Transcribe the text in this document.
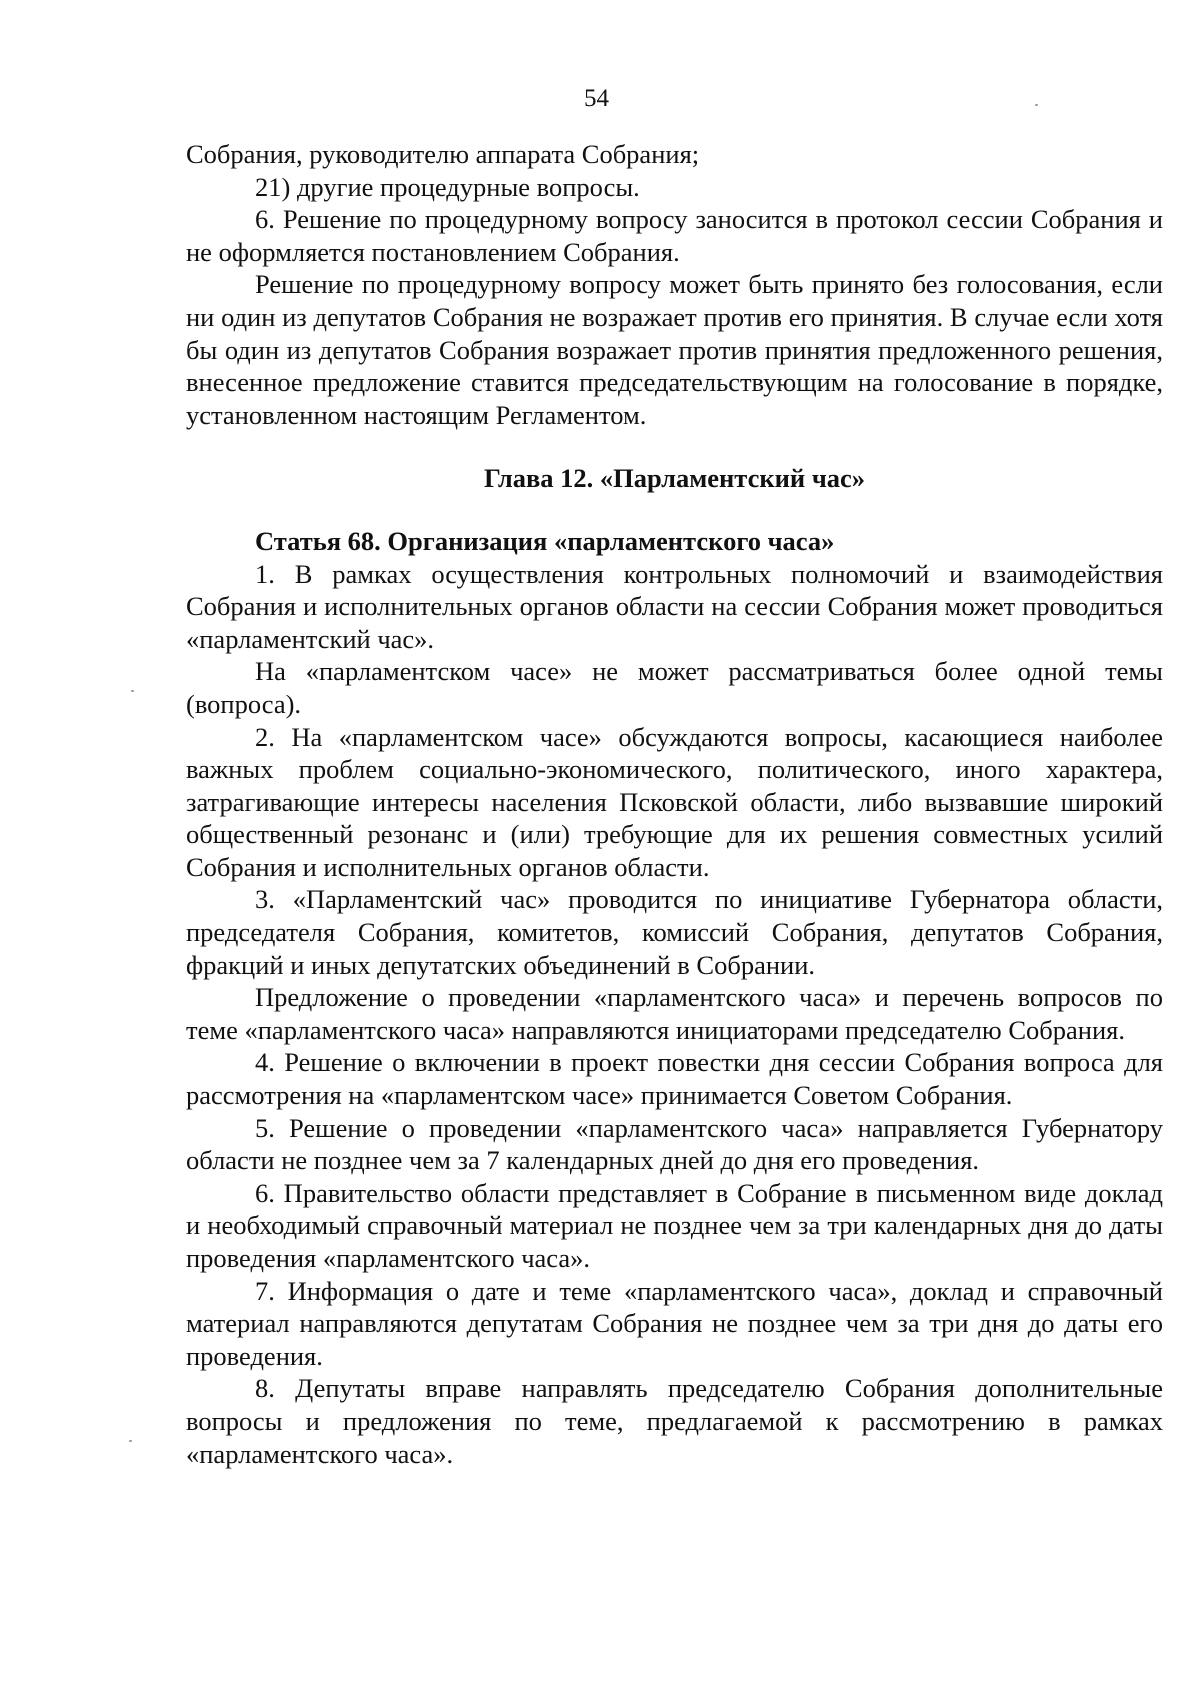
54

Собрания, руководителю аппарата Собрания;

21) другие процедурные вопросы.

6. Решение по процедурному вопросу заносится в протокол сессии Собрания и не оформляется постановлением Собрания.

Решение по процедурному вопросу может быть принято без голосования, если ни один из депутатов Собрания не возражает против его принятия. В случае если хотя бы один из депутатов Собрания возражает против принятия предложенного решения, внесенное предложение ставится председательствующим на голосование в порядке, установленном настоящим Регламентом.

Глава 12. «Парламентский час»

Статья 68. Организация «парламентского часа»

1. В рамках осуществления контрольных полномочий и взаимодействия Собрания и исполнительных органов области на сессии Собрания может проводиться «парламентский час».

На «парламентском часе» не может рассматриваться более одной темы (вопроса).

2. На «парламентском часе» обсуждаются вопросы, касающиеся наиболее важных проблем социально-экономического, политического, иного характера, затрагивающие интересы населения Псковской области, либо вызвавшие широкий общественный резонанс и (или) требующие для их решения совместных усилий Собрания и исполнительных органов области.

3. «Парламентский час» проводится по инициативе Губернатора области, председателя Собрания, комитетов, комиссий Собрания, депутатов Собрания, фракций и иных депутатских объединений в Собрании.

Предложение о проведении «парламентского часа» и перечень вопросов по теме «парламентского часа» направляются инициаторами председателю Собрания.

4. Решение о включении в проект повестки дня сессии Собрания вопроса для рассмотрения на «парламентском часе» принимается Советом Собрания.

5. Решение о проведении «парламентского часа» направляется Губернатору области не позднее чем за 7 календарных дней до дня его проведения.

6. Правительство области представляет в Собрание в письменном виде доклад и необходимый справочный материал не позднее чем за три календарных дня до даты проведения «парламентского часа».

7. Информация о дате и теме «парламентского часа», доклад и справочный материал направляются депутатам Собрания не позднее чем за три дня до даты его проведения.

8. Депутаты вправе направлять председателю Собрания дополнительные вопросы и предложения по теме, предлагаемой к рассмотрению в рамках «парламентского часа».
